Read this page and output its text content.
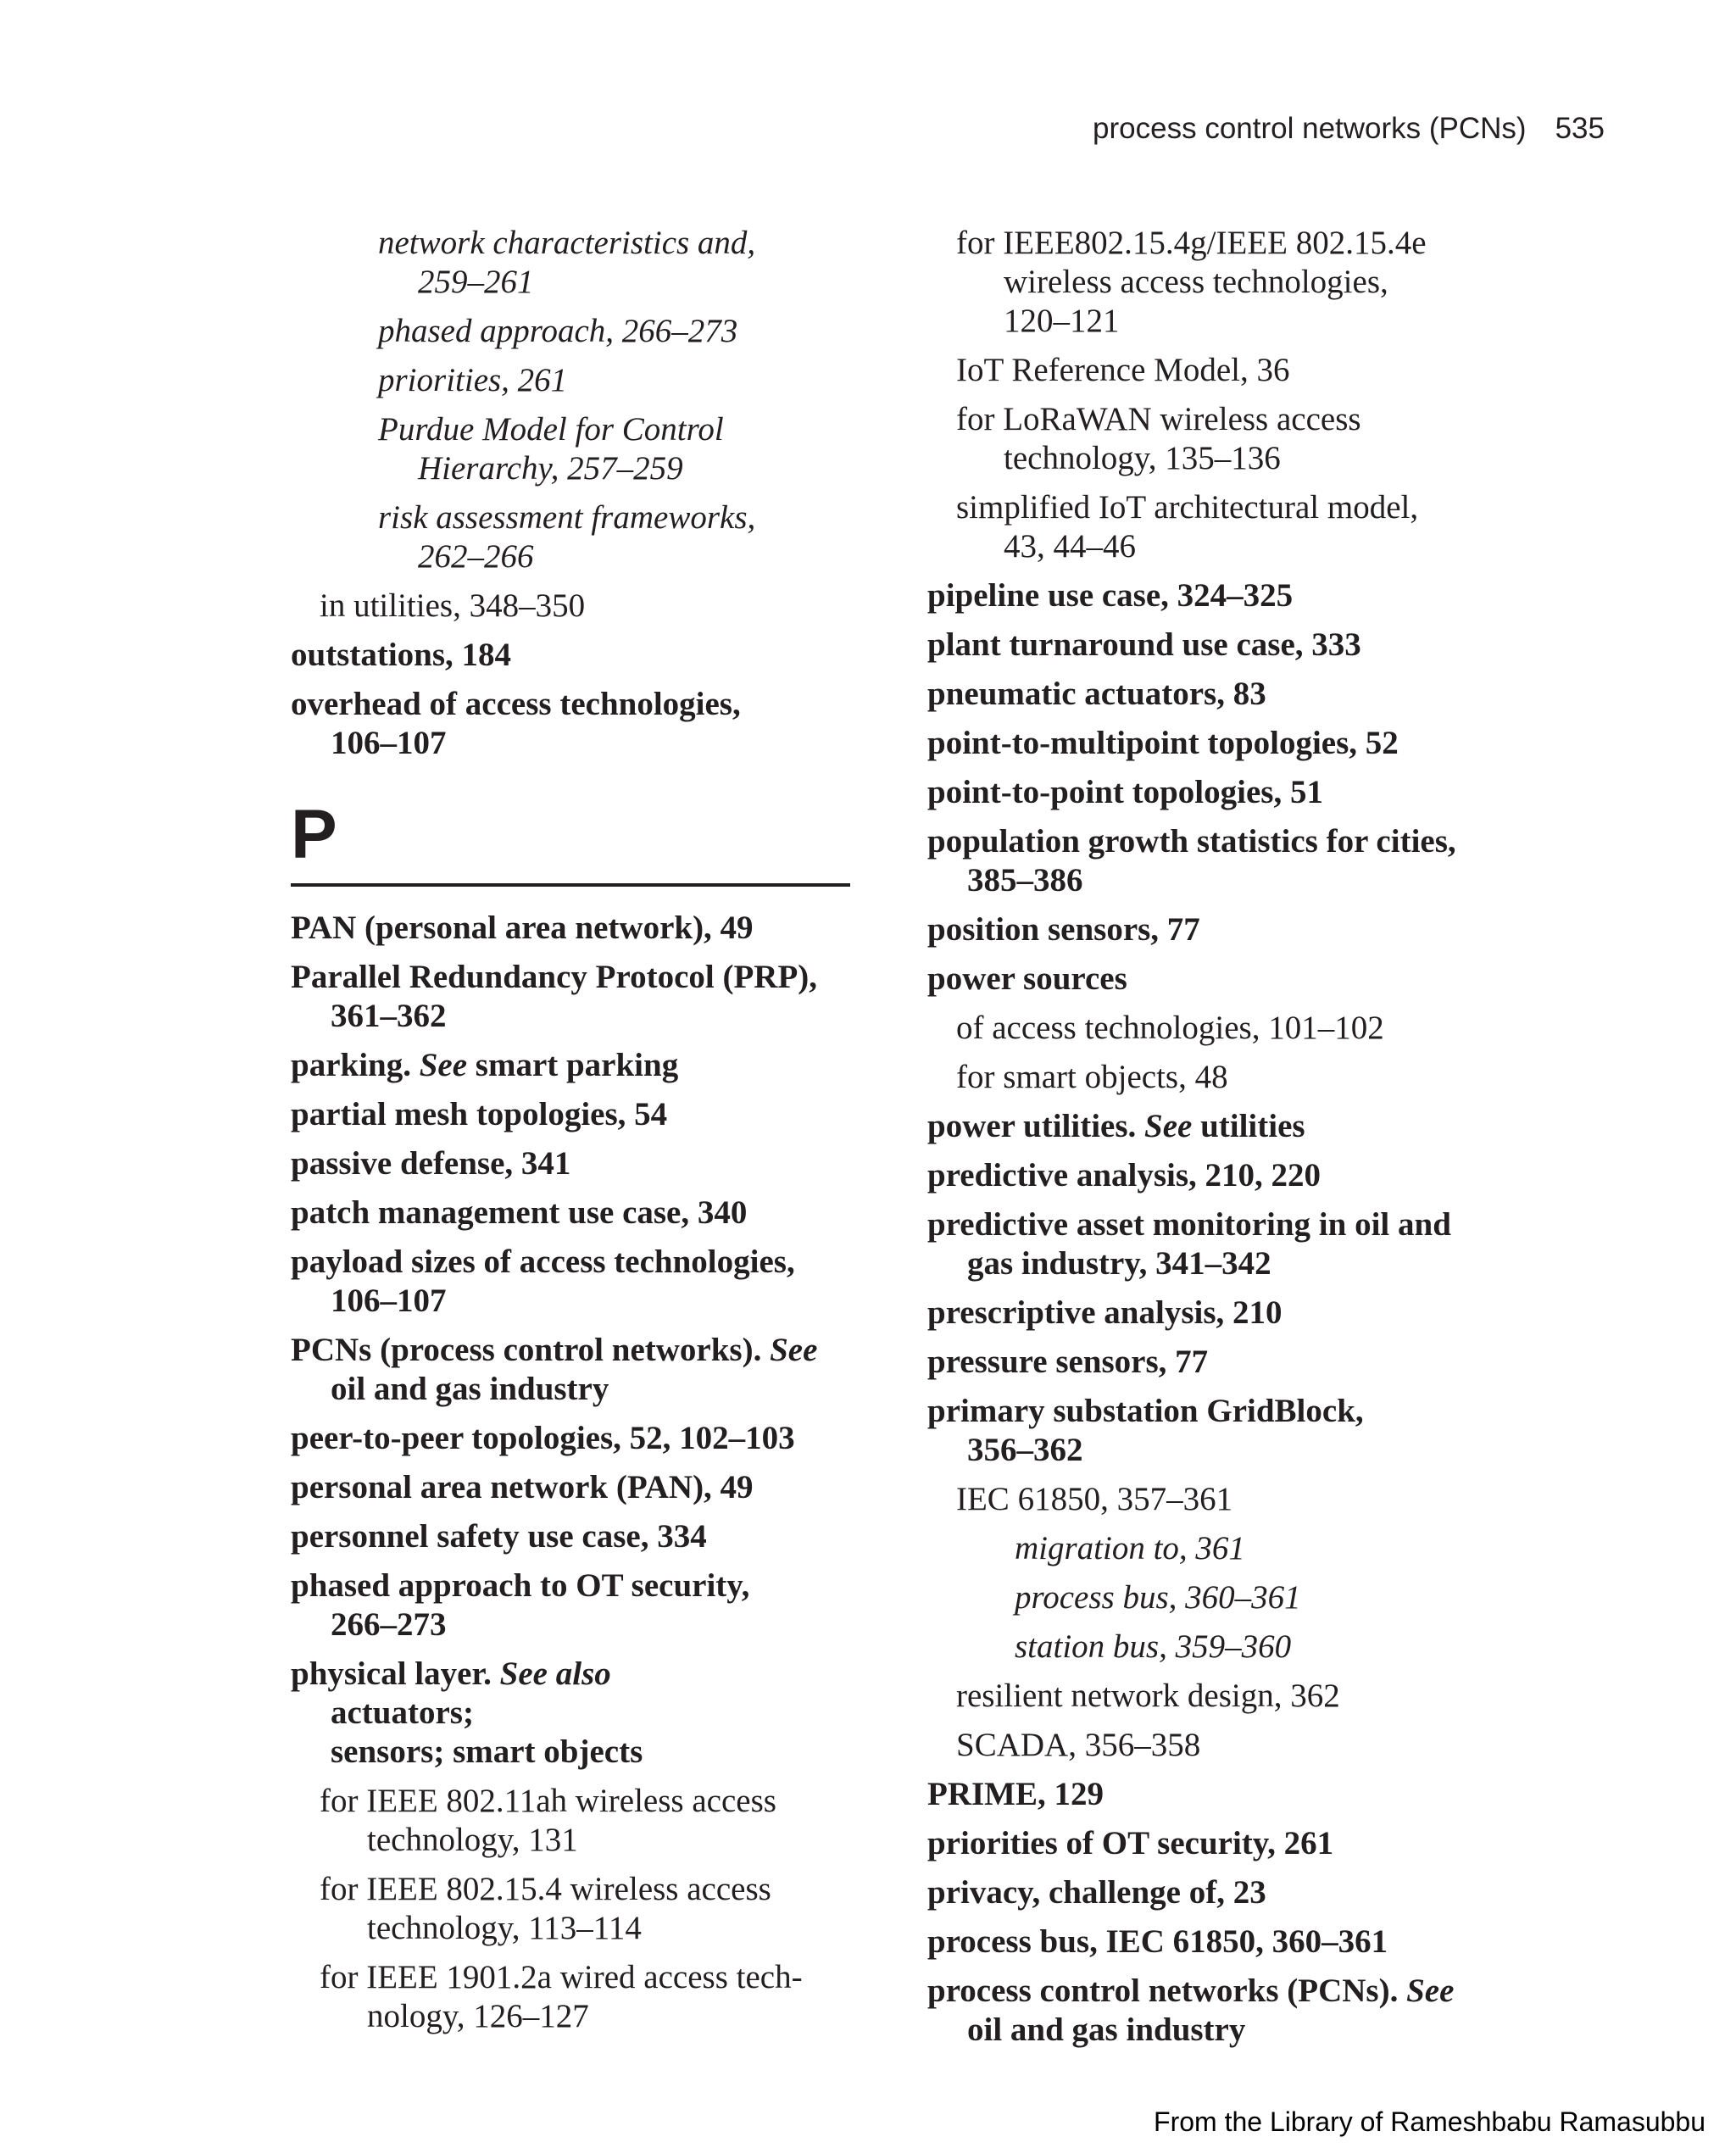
process control networks (PCNs) 535
network characteristics and,
259–261
phased approach, 266–273
priorities, 261
Purdue Model for Control
Hierarchy, 257–259
risk assessment frameworks,
262–266
in utilities, 348–350
outstations, 184
overhead of access technologies,
106–107
P
PAN (personal area network), 49
Parallel Redundancy Protocol (PRP),
361–362
parking. See smart parking
partial mesh topologies, 54
passive defense, 341
patch management use case, 340
payload sizes of access technologies,
106–107
PCNs (process control networks). See
oil and gas industry
peer-to-peer topologies, 52, 102–103
personal area network (PAN), 49
personnel safety use case, 334
phased approach to OT security,
266–273
physical layer. See also
actuators;
sensors; smart objects
for IEEE 802.11ah wireless access
technology, 131
for IEEE 802.15.4 wireless access
technology, 113–114
for IEEE 1901.2a wired access tech-
nology, 126–127
for IEEE802.15.4g/IEEE 802.15.4e
wireless access technologies,
120–121
IoT Reference Model, 36
for LoRaWAN wireless access
technology, 135–136
simplified IoT architectural model,
43, 44–46
pipeline use case, 324–325
plant turnaround use case, 333
pneumatic actuators, 83
point-to-multipoint topologies, 52
point-to-point topologies, 51
population growth statistics for cities,
385–386
position sensors, 77
power sources
of access technologies, 101–102
for smart objects, 48
power utilities. See utilities
predictive analysis, 210, 220
predictive asset monitoring in oil and
gas industry, 341–342
prescriptive analysis, 210
pressure sensors, 77
primary substation GridBlock,
356–362
IEC 61850, 357–361
migration to, 361
process bus, 360–361
station bus, 359–360
resilient network design, 362
SCADA, 356–358
PRIME, 129
priorities of OT security, 261
privacy, challenge of, 23
process bus, IEC 61850, 360–361
process control networks (PCNs). See
oil and gas industry
From the Library of Rameshbabu Ramasubbu
